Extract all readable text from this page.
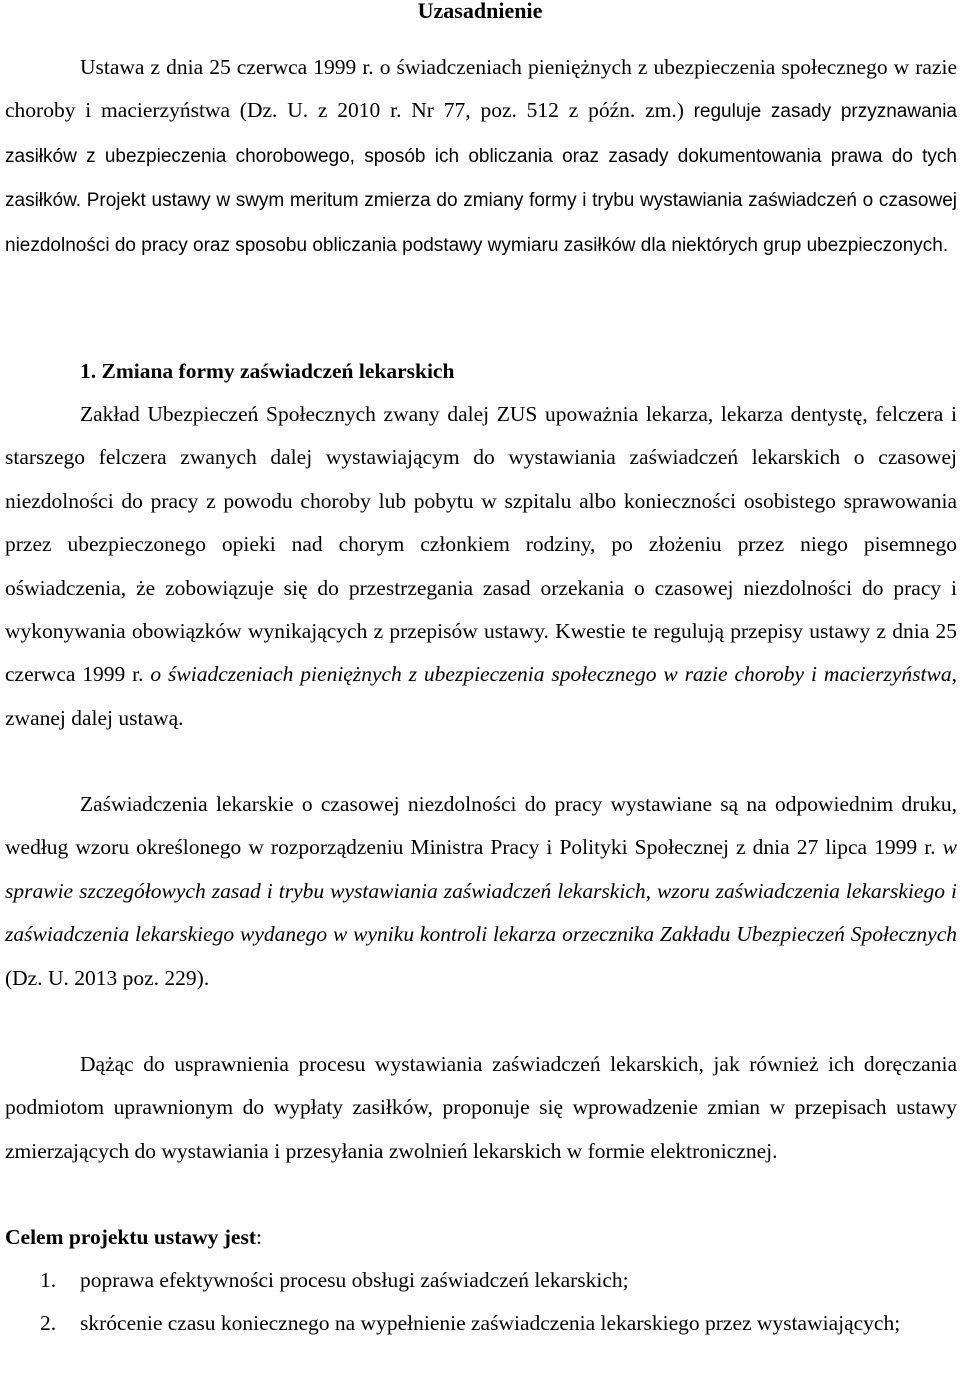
Uzasadnienie

Ustawa z dnia 25 czerwca 1999 r. o świadczeniach pieniężnych z ubezpieczenia społecznego w razie choroby i macierzyństwa (Dz. U. z 2010 r. Nr 77, poz. 512 z późn. zm.) reguluje zasady przyznawania zasiłków z ubezpieczenia chorobowego, sposób ich obliczania oraz zasady dokumentowania prawa do tych zasiłków. Projekt ustawy w swym meritum zmierza do zmiany formy i trybu wystawiania zaświadczeń o czasowej niezdolności do pracy oraz sposobu obliczania podstawy wymiaru zasiłków dla niektórych grup ubezpieczonych.

1. Zmiana formy zaświadczeń lekarskich

Zakład Ubezpieczeń Społecznych zwany dalej ZUS upoważnia lekarza, lekarza dentystę, felczera i starszego felczera zwanych dalej wystawiającym do wystawiania zaświadczeń lekarskich o czasowej niezdolności do pracy z powodu choroby lub pobytu w szpitalu albo konieczności osobistego sprawowania przez ubezpieczonego opieki nad chorym członkiem rodziny, po złożeniu przez niego pisemnego oświadczenia, że zobowiązuje się do przestrzegania zasad orzekania o czasowej niezdolności do pracy i wykonywania obowiązków wynikających z przepisów ustawy. Kwestie te regulują przepisy ustawy z dnia 25 czerwca 1999 r. o świadczeniach pieniężnych z ubezpieczenia społecznego w razie choroby i macierzyństwa, zwanej dalej ustawą.

Zaświadczenia lekarskie o czasowej niezdolności do pracy wystawiane są na odpowiednim druku, według wzoru określonego w rozporządzeniu Ministra Pracy i Polityki Społecznej z dnia 27 lipca 1999 r. w sprawie szczegółowych zasad i trybu wystawiania zaświadczeń lekarskich, wzoru zaświadczenia lekarskiego i zaświadczenia lekarskiego wydanego w wyniku kontroli lekarza orzecznika Zakładu Ubezpieczeń Społecznych (Dz. U. 2013 poz. 229).

Dążąc do usprawnienia procesu wystawiania zaświadczeń lekarskich, jak również ich doręczania podmiotom uprawnionym do wypłaty zasiłków, proponuje się wprowadzenie zmian w przepisach ustawy zmierzających do wystawiania i przesyłania zwolnień lekarskich w formie elektronicznej.

Celem projektu ustawy jest:

1. poprawa efektywności procesu obsługi zaświadczeń lekarskich;
2. skrócenie czasu koniecznego na wypełnienie zaświadczenia lekarskiego przez wystawiających;
